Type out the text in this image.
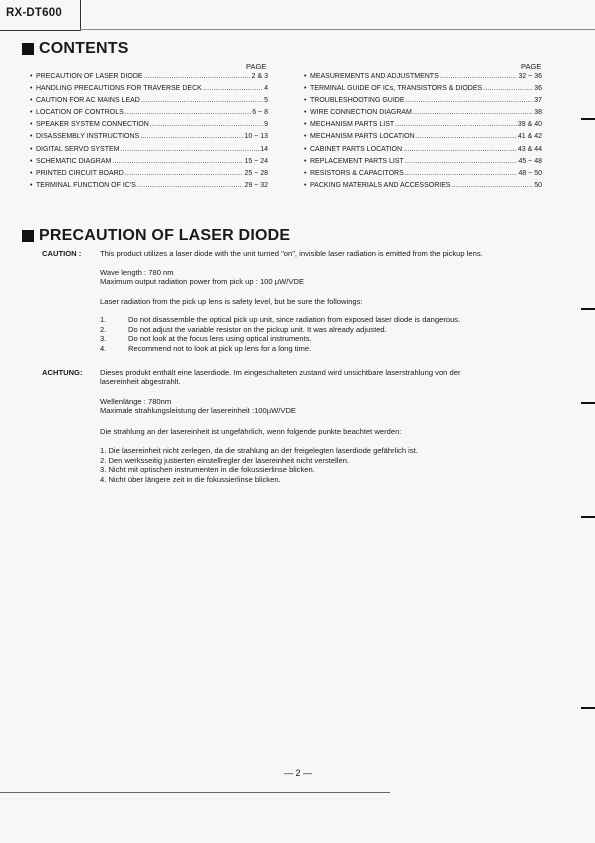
RX-DT600
CONTENTS
PAGE	PAGE
• PRECAUTION OF LASER DIODE .....	2 & 3
• HANDLING PRECAUTIONS FOR TRAVERSE DECK .....	4
• CAUTION FOR AC MAINS LEAD .....	5
• LOCATION OF CONTROLS .....	6 ~ 8
• SPEAKER SYSTEM CONNECTION .....	9
• DISASSEMBLY INSTRUCTIONS .....	10 ~ 13
• DIGITAL SERVO SYSTEM .....	14
• SCHEMATIC DIAGRAM .....	15 ~ 24
• PRINTED CIRCUIT BOARD .....	25 ~ 28
• TERMINAL FUNCTION OF IC'S .....	29 ~ 32
• MEASUREMENTS AND ADJUSTMENTS .....	32 ~ 36
• TERMINAL GUIDE OF ICs, TRANSISTORS & DIODES .....	36
• TROUBLESHOOTING GUIDE .....	37
• WIRE CONNECTION DIAGRAM .....	38
• MECHANISM PARTS LIST .....	39 & 40
• MECHANISM PARTS LOCATION .....	41 & 42
• CABINET PARTS LOCATION .....	43 & 44
• REPLACEMENT PARTS LIST .....	45 ~ 48
• RESISTORS & CAPACITORS .....	48 ~ 50
• PACKING MATERIALS AND ACCESSORIES .....	50
PRECAUTION OF LASER DIODE
CAUTION : This product utilizes a laser diode with the unit turned "on", invisible laser radiation is emitted from the pickup lens.
Wave length : 780 nm
Maximum output radiation power from pick up : 100 µW/VDE
Laser radiation from the pick up lens is safety level, but be sure the followings:
1.	Do not disassemble the optical pick up unit, since radiation from exposed laser diode is dangerous.
2.	Do not adjust the variable resistor on the pickup unit. It was already adjusted.
3.	Do not look at the focus lens using optical instruments.
4.	Recommend not to look at pick up lens for a long time.
ACHTUNG: Dieses produkt enthält eine laserdiode. Im eingeschalteten zustand wird unsichtbare laserstrahlung von der
lasereinheit abgestrahlt.
Wellenlänge : 780nm
Maximale strahlungsleistung der lasereinheit :100µW/VDE
Die strahlung an der lasereinheit ist ungefährlich, wenn folgende punkte beachtet werden:
1. Die lasereinheit nicht zerlegen, da die strahlung an der freigelegten laserdiode gefährlich ist.
2. Den werksseitig justierten einstellregler der lasereinheit nicht verstellen.
3. Nicht mit optischen instrumenten in die fokussierlinse blicken.
4. Nicht über längere zeit in die fokussierlinse blicken.
— 2 —
